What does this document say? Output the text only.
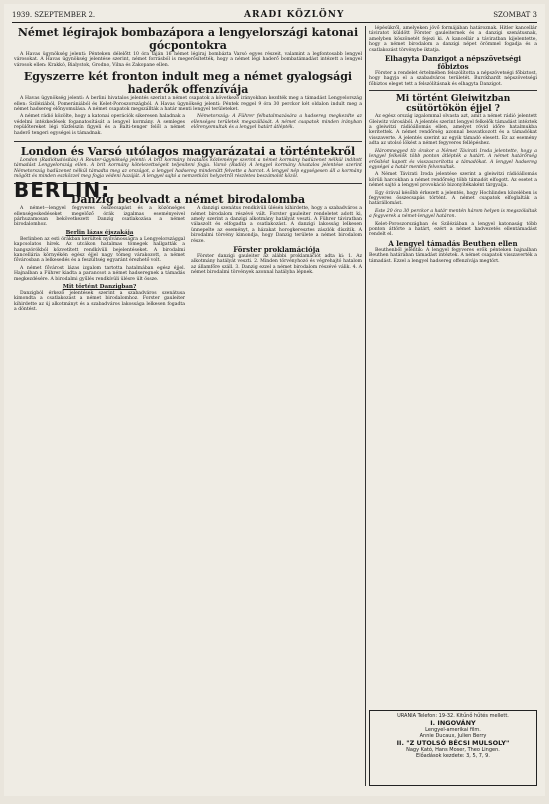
1939. SZEPTEMBER 2.	ARADI KÖZLÖNY	SZOMBAT 3
Német légirajok bombazápora a lengyelországi katonai gócpontokra

A Havas ügynökség jelenti: Pénteken délelőtt 10 óra táján 16 német légiraj bombázta Varsó egyes részeit, valamint a legfontosabb lengyel városokat. A Havas ügynökség jelentése szerint, német forrásból is megerősítették, hogy a német légi haderő bombatámadást intézett a lengyel városok ellen: Krakkó, Bialystok, Grodno, Vilna és Zakopane ellen.

Egyszerre két fronton indult meg a német gyalogsági haderők offenzívája

A Havas ügynökség jelenti: A berlini hivatalos jelentés szerint a német csapatok a következő irányokban kezdték meg a támadást Lengyelország ellen: Sziléziából, Pomerániából és Kelet-Poroszországból. A Havas ügynökség jelenti: Péntek reggel 9 óra 30 perckor két oldalon indult meg a német hadsereg előnyomulása. A német csapatok megszállták a határ menti lengyel területeket.

A német rádió közölte, hogy a katonai operációk sikeresen haladnak a védelmi intézkedések foganatosítását a lengyel kormány. A semleges repülőtereket légi tűzfelszín figyeli és a Balti-tenger felől a német haderő tengeri egységei is támadnak.

Németország: A Führer felhatalmazására a hadsereg megkezdte az ellenséges területek megszállását. A német csapatok minden irányban előrenyomultak és a lengyel határt átlépték.

London és Varsó utólagos magyarázatai a történtekről

London (Radiótudósítás) A Reuter-ügynökség jelenti: A brit kormány hivatalos közleménye szerint a német kormány hadüzenet nélkül indított támadást Lengyelország ellen. A brit kormány kötelezettségeit teljesíteni fogja. Varsó (Radió) A lengyel kormány hivatalos jelentése szerint Németország hadüzenet nélkül támadta meg az országot, a lengyel hadsereg mindenütt felvette a harcot. A lengyel nép egységesen áll a kormány mögött és minden eszközzel meg fogja védeni hazáját. A lengyel sajtó a nemzetközi helyzetről részletes beszámolót közöl.

BERLIN:
Danzig beolvadt a német birodalomba

A német—lengyel fegyveres összecsapást és a közönséges ellenségeskedéseket megelőző órák izgalmas eseményeivel párhuzamosan bekövetkezett Danzig csatlakozása a német birodalomhoz.

Berlin lázas éjszakája

Berlinben az esti órákban kerültek nyilvánosságra a Lengyelországgal kapcsolatos hírek. Az utcákon hatalmas tömegek hallgatták a hangszórókból közvetített rendkívüli bejelentéseket. A birodalmi kancellária környékén egész éjjel nagy tömeg várakozott, a német fővárosban a lelkesedés és a feszültség egyaránt érezhető volt.

A német fővárost lázas izgalom tartotta hatalmában egész éjjel. Hajnalban a Führer kiadta a parancsot a német hadseregnek a támadás megkezdésére. A birodalmi gyűlés rendkívüli ülésre ült össze.

Mit történt Danzigban?

Danzigból érkező jelentések szerint a szabadváros szenátusa kimondta a csatlakozást a német birodalomhoz. Forster gauleiter kihirdette az új alkotmányt és a szabadváros lakossága lelkesen fogadta a döntést.

A danzigi szenátus rendkívüli ülésén kihirdette, hogy a szabadváros a német birodalom részévé vált. Forster gauleiter rendeletet adott ki, amely szerint a danzigi alkotmány hatályát veszti. A Führer táviratban válaszolt és elfogadta a csatlakozást. A danzigi lakosság lelkesen ünnepelte az eseményt, a házakat horogkeresztes zászlók díszítik. A birodalmi törvény kimondja, hogy Danzig területe a német birodalom része.

Förster proklamációja

Förster danzigi gauleiter az alábbi proklamációt adta ki: 1. Az alkotmány hatályát veszti. 2. Minden törvényhozó és végrehajtó hatalom az államfőre száll. 3. Danzig ezzel a német birodalom részévé válik. 4. A német birodalmi törvények azonnal hatályba lépnek.

lépésükről, amelyeken jövő formájában határoznak. Hitler kancellár táviratot küldött Förster gauleiternek és a danzigi szenátusnak, amelyben köszönetét fejezi ki. A kancellár a táviratban kijelentette, hogy a német birodalom a danzigi népet örömmel fogadja és a csatlakozást törvénybe iktatja.

Elhagyta Danzigot a népszövetségi főbiztos

Förster a rendelet értelmében felszólította a népszövetségi főbiztost, hogy hagyja el a szabadváros területét. Burckhardt népszövetségi főbiztos eleget tett a felszólításnak és elhagyta Danzigot.

Mi történt Gleiwitzban csütörtökön éjjel ?

Az egész ország izgalommal olvasta azt, amit a német rádió jelentett Gleiwitz városából. A jelentés szerint lengyel felkelők támadást intéztek a gleiwitzi rádióállomás ellen, amelyet rövid időre hatalmukba kerítettek. A német rendőrség azonnal beavatkozott és a támadókat visszaverte. A jelentés szerint az egyik támadó elesett. Ez az esemény adta az utolsó lökést a német fegyveres fellépéshez.

Háromnegyed tíz órakor a Német Távirati Iroda jelentette, hogy a lengyel felkelők több ponton átlépték a határt. A német határőrség erősítést kapott és visszaszorította a támadókat. A lengyel hadsereg egységei a határ mentén felvonultak.

A Német Távirati Iroda jelentése szerint a gleiwitzi rádióállomás körüli harcokban a német rendőrség több támadót elfogott. Az esetet a német sajtó a lengyel provokáció bizonyítékaként tárgyalja.

Egy órával később érkezett a jelentés, hogy Hochlinden közelében is fegyveres összecsapás történt. A német csapatok elfoglalták a határállomást.

Este 20 óra 30 perckor a határ mentén három helyen is megszólaltak a fegyverek a német-lengyel határon.

Kelet-Poroszországban és Sziléziában a lengyel katonaság több ponton áttörte a határt, ezért a német hadvezetés ellentámadást rendelt el.

A lengyel támadás Beuthen ellen

Beuthenből jelentik: A lengyel fegyveres erők pénteken hajnalban Beuthen határában támadást intéztek. A német csapatok visszaverték a támadást. Ezzel a lengyel hadsereg offenzívája megtört.

URANIA Telefon: 19-32. Kitűnő hűtés mellett.
I. INGOVÁNY
Lengyel-amerikai film.
Annie Ducaux, Julien Berry
II. "Z UTOLSÓ BÉCSI MULSOLY"
Nagy Kató, Hans Moser, Theo Lingen.
Előadások kezdete: 3, 5, 7, 9.
